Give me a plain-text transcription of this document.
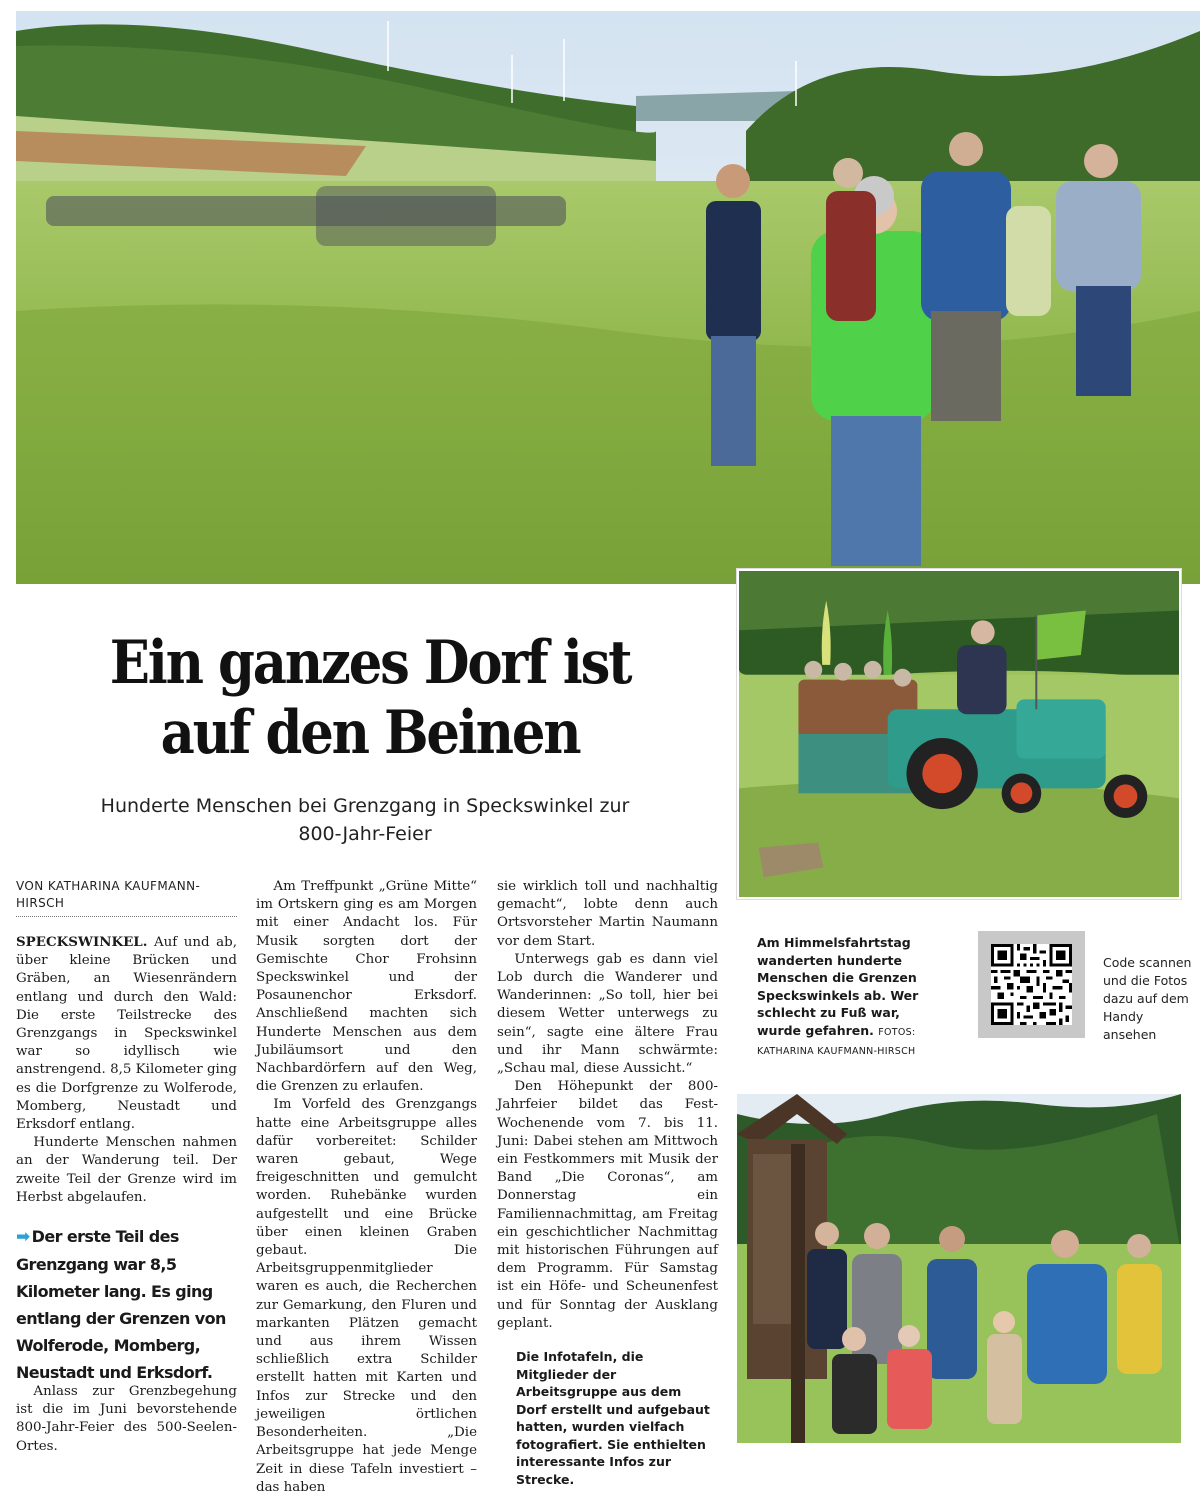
Ein ganzes Dorf ist auf den Beinen
Hunderte Menschen bei Grenzgang in Speckswinkel zur 800-Jahr-Feier
VON KATHARINA KAUFMANN-HIRSCH

SPECKSWINKEL. Auf und ab, über kleine Brücken und Gräben, an Wiesenrändern entlang und durch den Wald: Die erste Teilstrecke des Grenzgangs in Speckswinkel war so idyllisch wie anstrengend. 8,5 Kilometer ging es die Dorfgrenze zu Wolferode, Momberg, Neustadt und Erksdorf entlang.

Hunderte Menschen nahmen an der Wanderung teil. Der zweite Teil der Grenze wird im Herbst abgelaufen.

➡ Der erste Teil des Grenzgang war 8,5 Kilometer lang. Es ging entlang der Grenzen von Wolferode, Momberg, Neustadt und Erksdorf.

Anlass zur Grenzbegehung ist die im Juni bevorstehende 800-Jahr-Feier des 500-Seelen-Ortes.

Am Treffpunkt „Grüne Mitte“ im Ortskern ging es am Morgen mit einer Andacht los. Für Musik sorgten dort der Gemischte Chor Frohsinn Speckswinkel und der Posaunenchor Erksdorf. Anschließend machten sich Hunderte Menschen aus dem Jubiläumsort und den Nachbardörfern auf den Weg, die Grenzen zu erlaufen.

Im Vorfeld des Grenzgangs hatte eine Arbeitsgruppe alles dafür vorbereitet: Schilder waren gebaut, Wege freigeschnitten und gemulcht worden. Ruhebänke wurden aufgestellt und eine Brücke über einen kleinen Graben gebaut. Die Arbeitsgruppenmitglieder waren es auch, die Recherchen zur Gemarkung, den Fluren und markanten Plätzen gemacht und aus ihrem Wissen schließlich extra Schilder erstellt hatten mit Karten und Infos zur Strecke und den jeweiligen örtlichen Besonderheiten. „Die Arbeitsgruppe hat jede Menge Zeit in diese Tafeln investiert – das haben

sie wirklich toll und nachhaltig gemacht“, lobte denn auch Ortsvorsteher Martin Naumann vor dem Start.

Unterwegs gab es dann viel Lob durch die Wanderer und Wanderinnen: „So toll, hier bei diesem Wetter unterwegs zu sein“, sagte eine ältere Frau und ihr Mann schwärmte: „Schau mal, diese Aussicht.“

Den Höhepunkt der 800-Jahrfeier bildet das Fest-Wochenende vom 7. bis 11. Juni: Dabei stehen am Mittwoch ein Festkommers mit Musik der Band „Die Coronas“, am Donnerstag ein Familiennachmittag, am Freitag ein geschichtlicher Nachmittag mit historischen Führungen auf dem Programm. Für Samstag ist ein Höfe- und Scheunenfest und für Sonntag der Ausklang geplant.

Die Infotafeln, die Mitglieder der Arbeitsgruppe aus dem Dorf erstellt und aufgebaut hatten, wurden vielfach fotografiert. Sie enthielten interessante Infos zur Strecke.
Am Himmelsfahrtstag wanderten hunderte Menschen die Grenzen Speckswinkels ab. Wer schlecht zu Fuß war, wurde gefahren. FOTOS: KATHARINA KAUFMANN-HIRSCH
Code scannen und die Fotos dazu auf dem Handy ansehen
